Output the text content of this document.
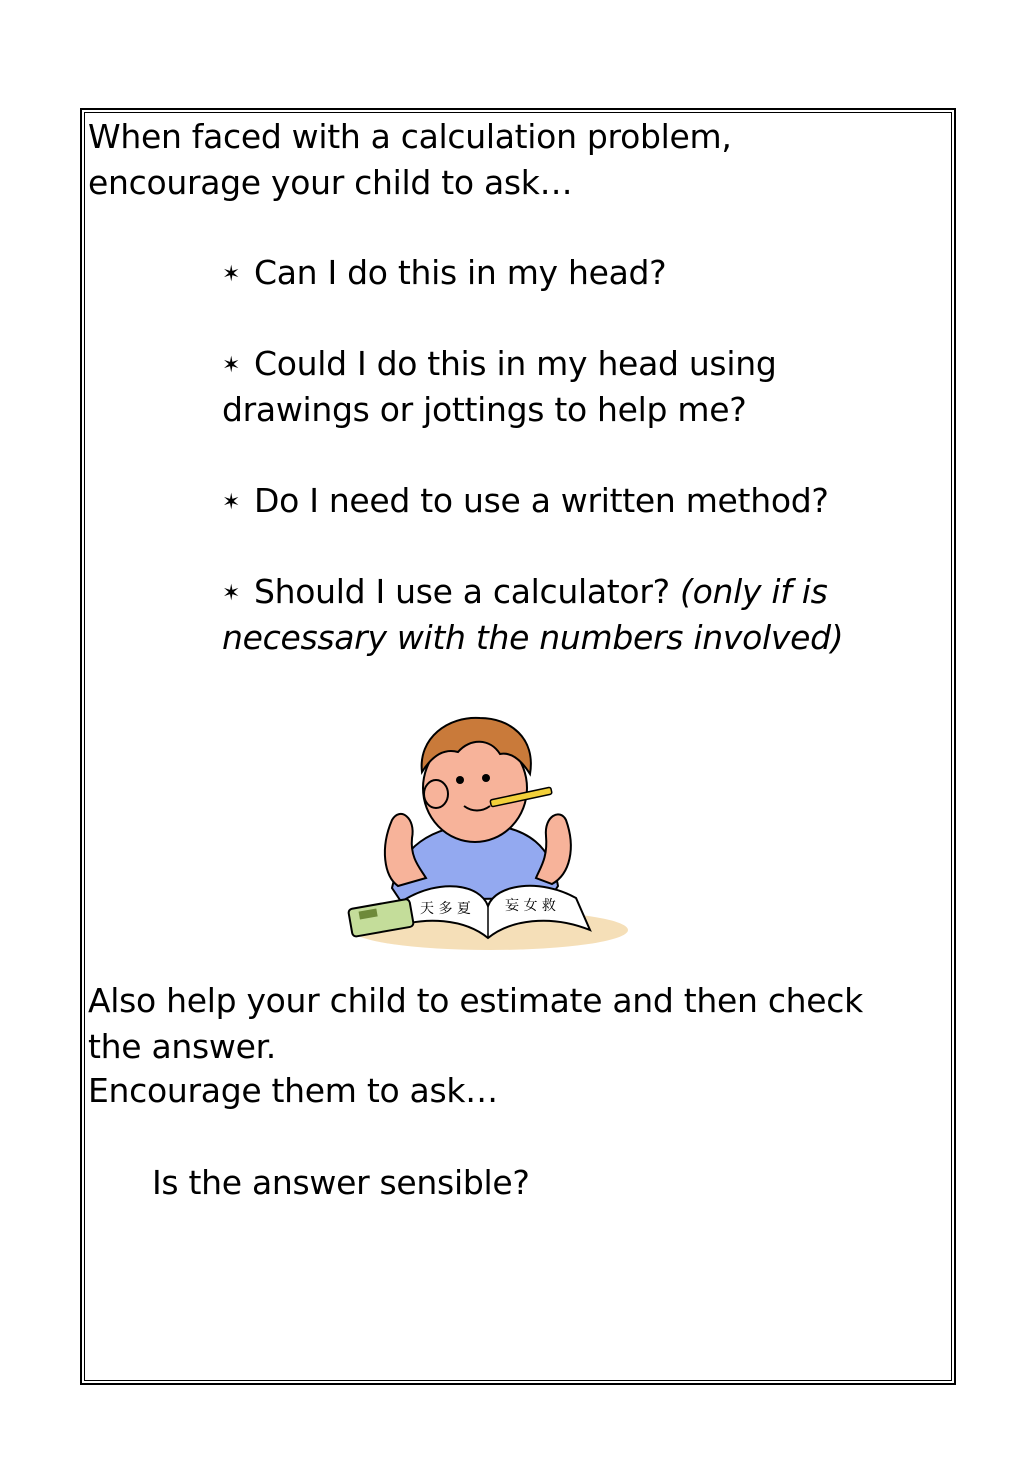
When faced with a calculation problem,
encourage your child to ask…
✶ Can I do this in my head?
✶ Could I do this in my head using
drawings or jottings to help me?
✶ Do I need to use a written method?
✶ Should I use a calculator? (only if is
necessary with the numbers involved)
天 多 夏 妄 女 救
Also help your child to estimate and then check
the answer.
Encourage them to ask…
Is the answer sensible?
